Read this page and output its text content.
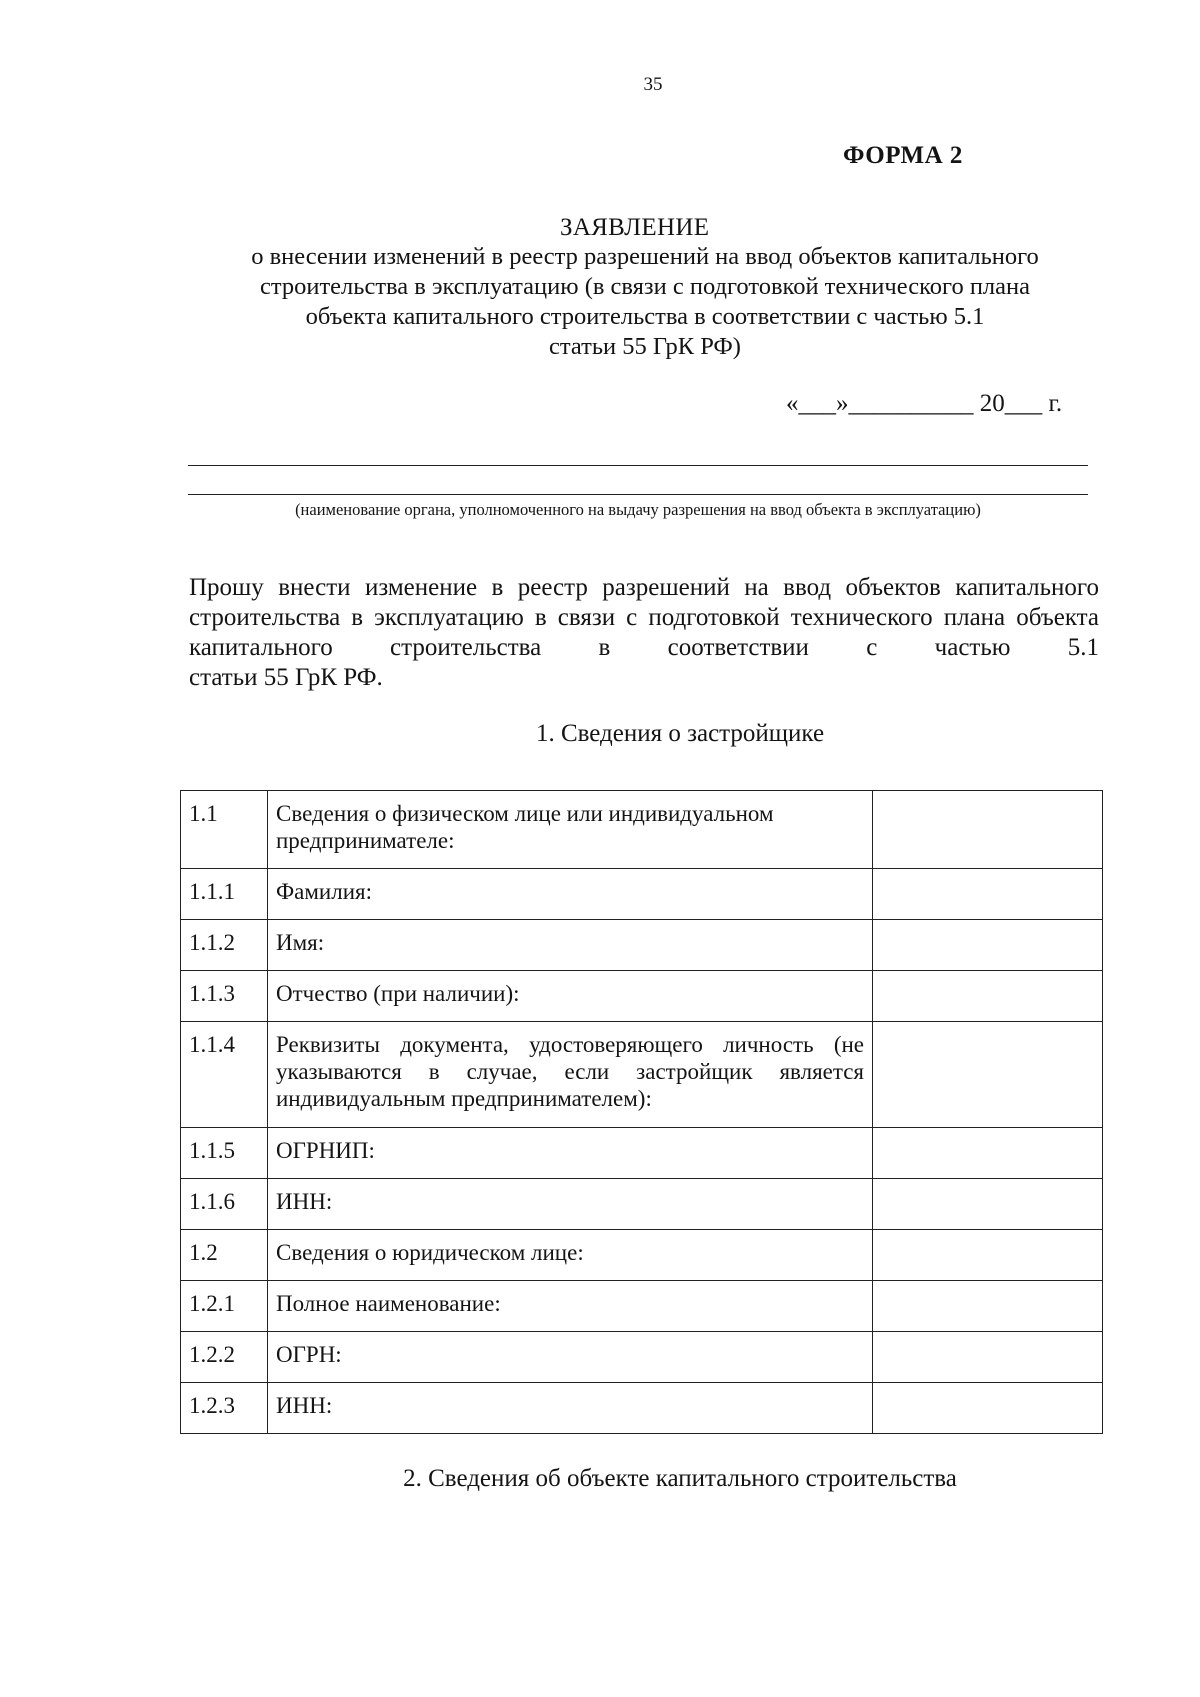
35
ФОРМА 2
ЗАЯВЛЕНИЕ
о внесении изменений в реестр разрешений на ввод объектов капитального
строительства в эксплуатацию (в связи с подготовкой технического плана
объекта капитального строительства в соответствии с частью 5.1
статьи 55 ГрК РФ)
«___»__________ 20___ г.
(наименование органа, уполномоченного на выдачу разрешения на ввод объекта в эксплуатацию)
Прошу внести изменение в реестр разрешений на ввод объектов капитального
строительства в эксплуатацию в связи с подготовкой технического плана объекта
капитального строительства в соответствии с частью 5.1
статьи 55 ГрК РФ.
1. Сведения о застройщике
1.1	Сведения о физическом лице или индивидуальном предпринимателе:	
1.1.1	Фамилия:	
1.1.2	Имя:	
1.1.3	Отчество (при наличии):	
1.1.4	Реквизиты документа, удостоверяющего личность (не указываются в случае, если застройщик является индивидуальным предпринимателем):	
1.1.5	ОГРНИП:	
1.1.6	ИНН:	
1.2	Сведения о юридическом лице:	
1.2.1	Полное наименование:	
1.2.2	ОГРН:	
1.2.3	ИНН:	
2. Сведения об объекте капитального строительства
